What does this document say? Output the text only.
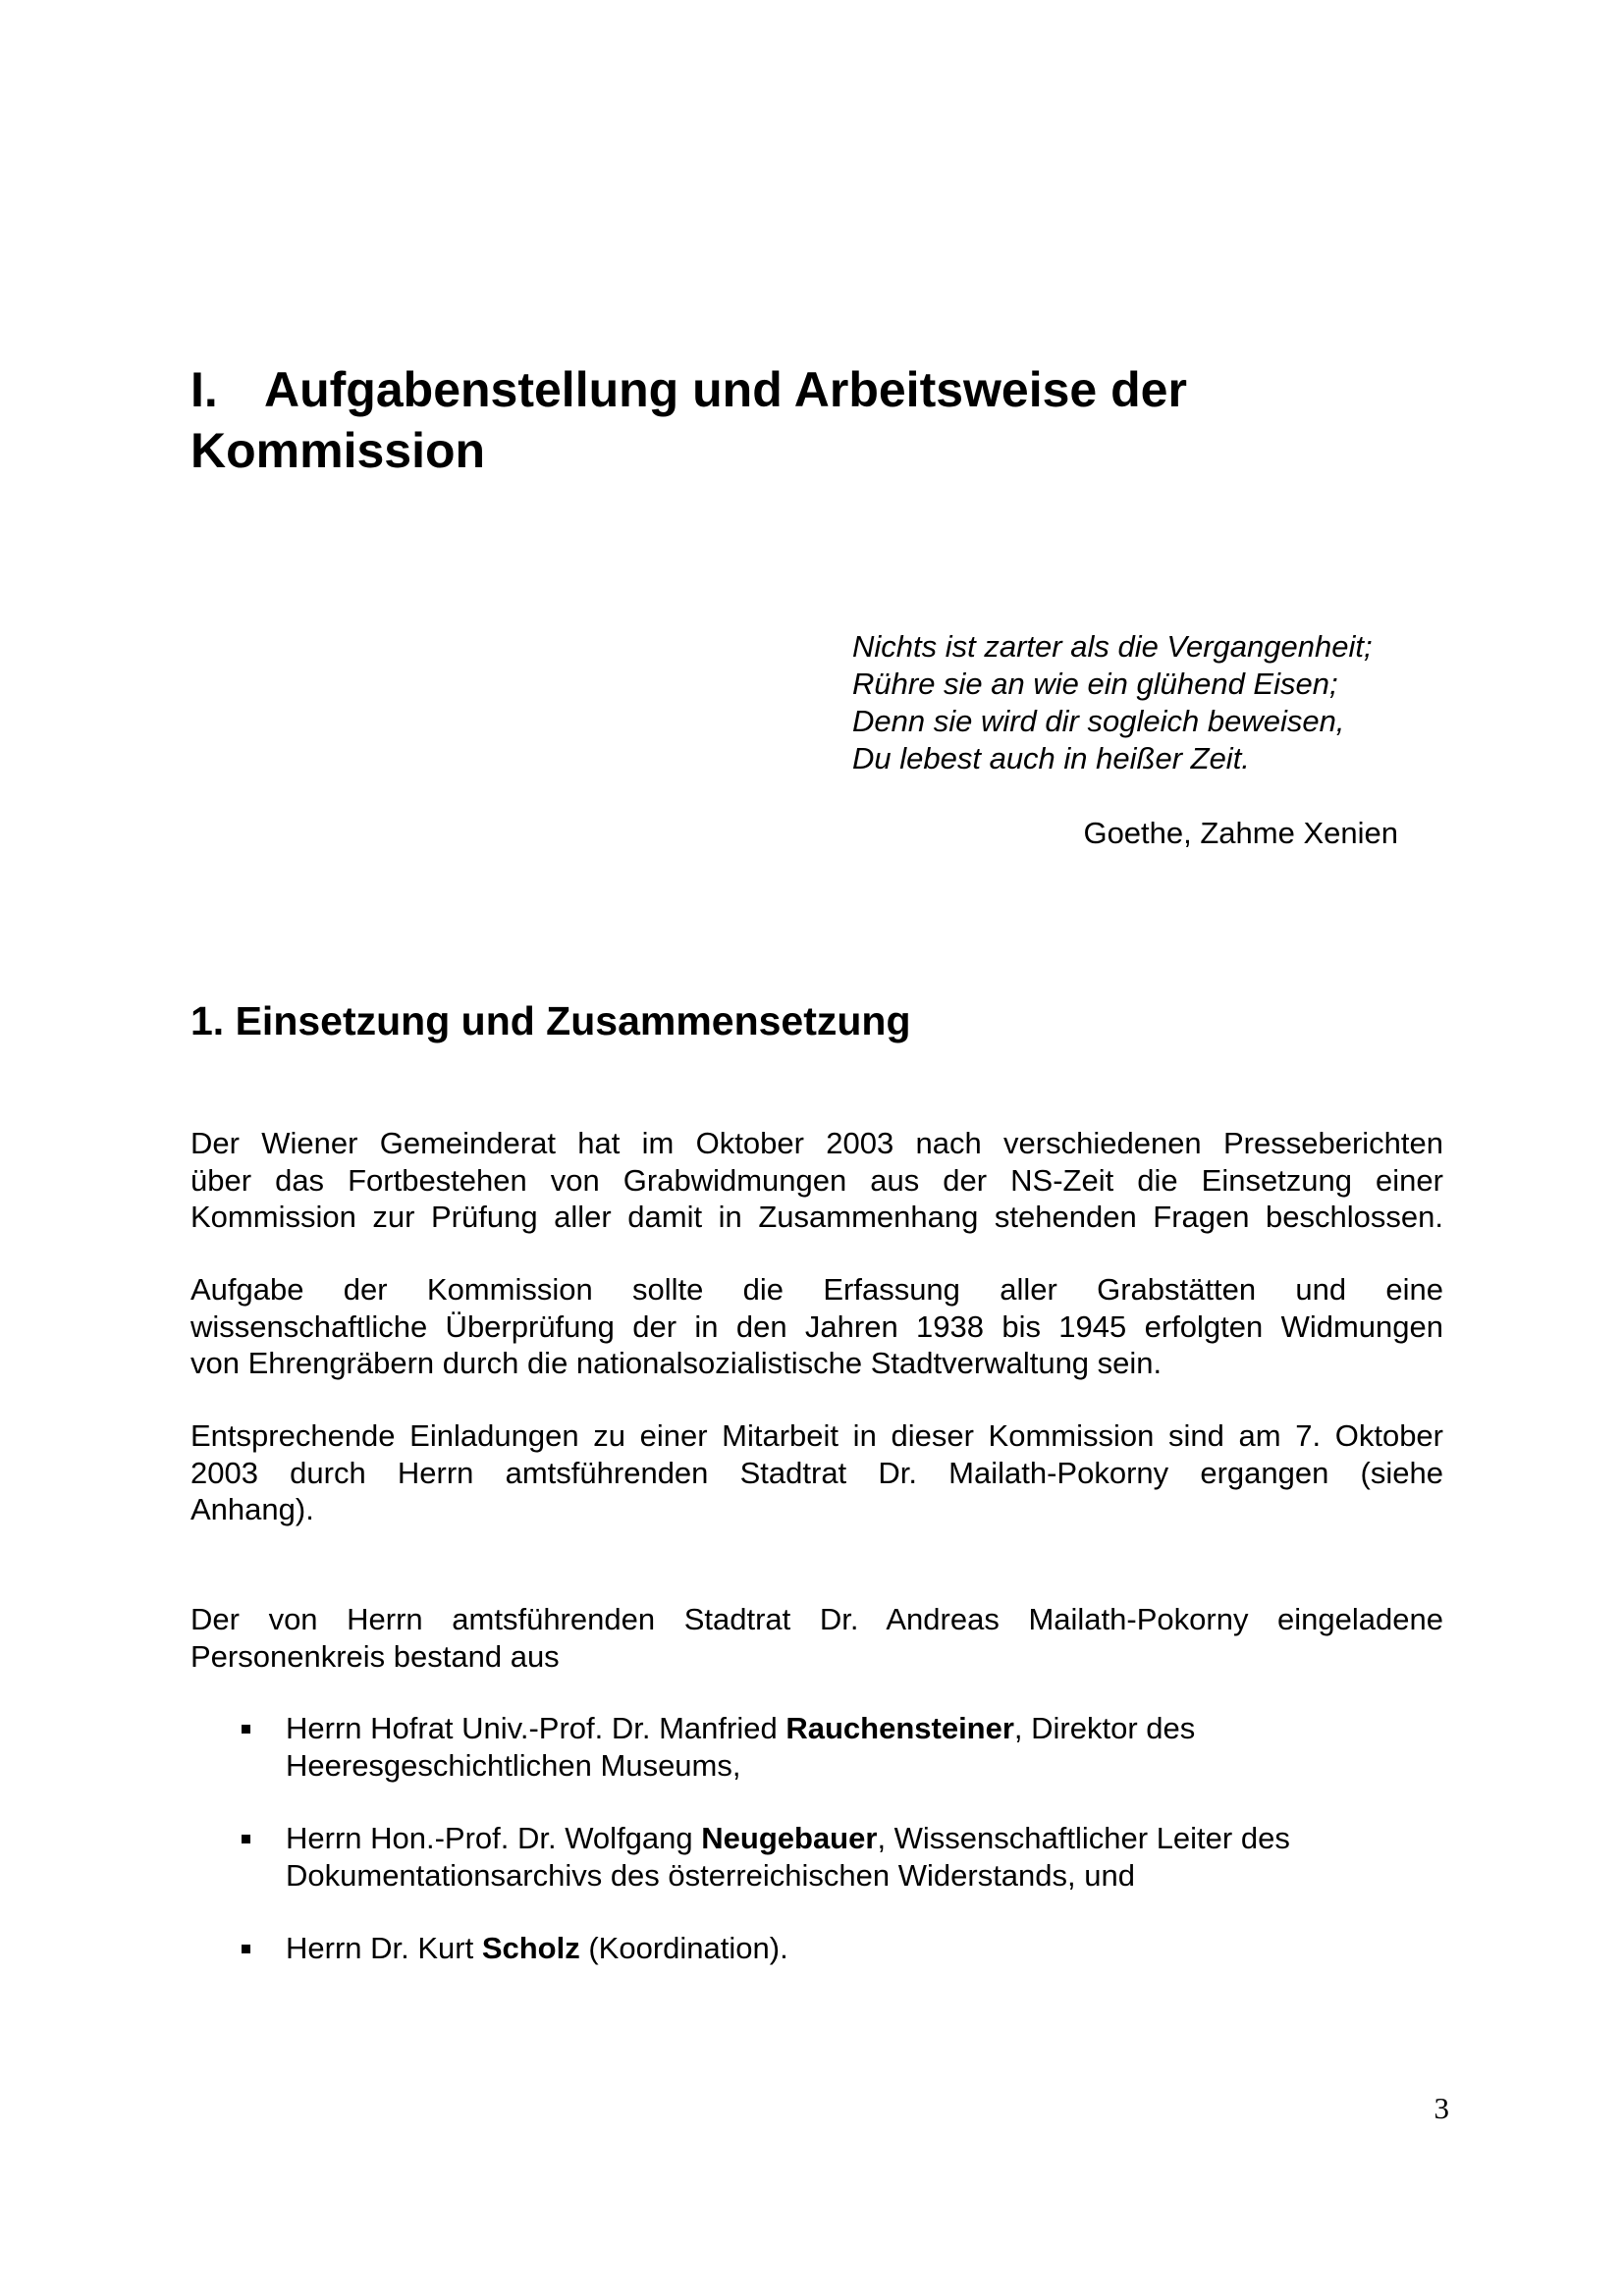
I. Aufgabenstellung und Arbeitsweise der
Kommission
Nichts ist zarter als die Vergangenheit;
Rühre sie an wie ein glühend Eisen;
Denn sie wird dir sogleich beweisen,
Du lebest auch in heißer Zeit.
Goethe, Zahme Xenien
1. Einsetzung und Zusammensetzung
Der Wiener Gemeinderat hat im Oktober 2003 nach verschiedenen Presseberichten
über das Fortbestehen von Grabwidmungen aus der NS-Zeit die Einsetzung einer
Kommission zur Prüfung aller damit in Zusammenhang stehenden Fragen beschlossen.
Aufgabe der Kommission sollte die Erfassung aller Grabstätten und eine
wissenschaftliche Überprüfung der in den Jahren 1938 bis 1945 erfolgten Widmungen
von Ehrengräbern durch die nationalsozialistische Stadtverwaltung sein.
Entsprechende Einladungen zu einer Mitarbeit in dieser Kommission sind am 7. Oktober
2003 durch Herrn amtsführenden Stadtrat Dr. Mailath-Pokorny ergangen (siehe
Anhang).
Der von Herrn amtsführenden Stadtrat Dr. Andreas Mailath-Pokorny eingeladene
Personenkreis bestand aus
Herrn Hofrat Univ.-Prof. Dr. Manfried Rauchensteiner, Direktor des
Heeresgeschichtlichen Museums,
Herrn Hon.-Prof. Dr. Wolfgang Neugebauer, Wissenschaftlicher Leiter des
Dokumentationsarchivs des österreichischen Widerstands, und
Herrn Dr. Kurt Scholz (Koordination).
3
